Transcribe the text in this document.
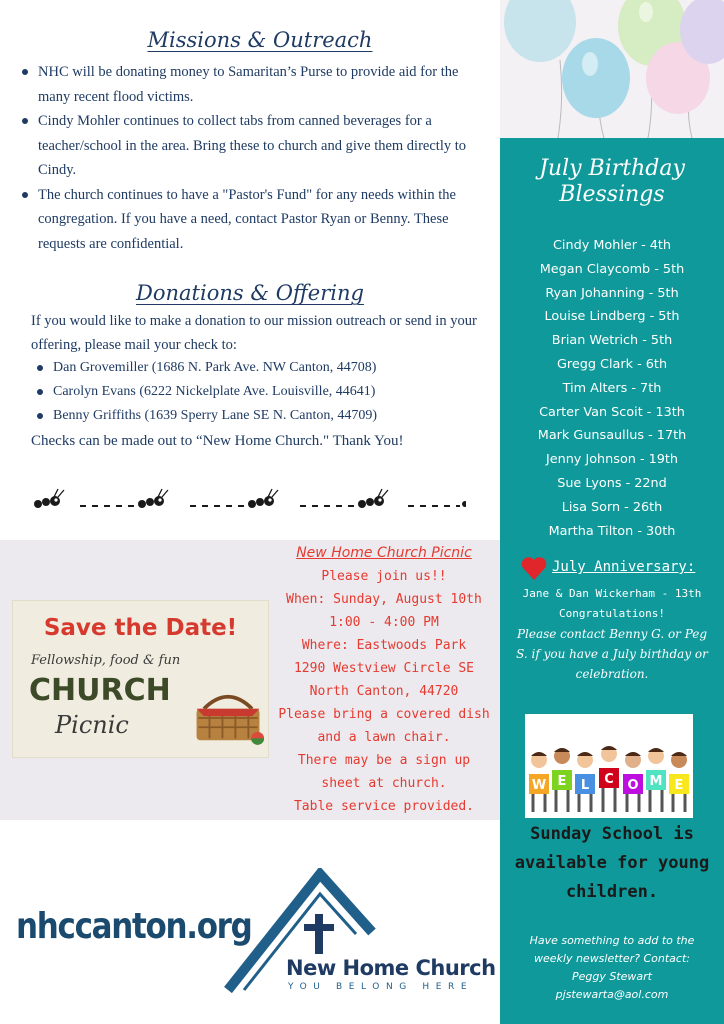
Missions & Outreach
NHC will be donating money to Samaritan’s Purse to provide aid for the many recent flood victims.
Cindy Mohler continues to collect tabs from canned beverages for a teacher/school in the area. Bring these to church and give them directly to Cindy.
The church continues to have a "Pastor's Fund" for any needs within the congregation. If you have a need, contact Pastor Ryan or Benny. These requests are confidential.
Donations & Offering
If you would like to make a donation to our mission outreach or send in your offering, please mail your check to:
Dan Grovemiller (1686 N. Park Ave. NW Canton, 44708)
Carolyn Evans (6222 Nickelplate Ave. Louisville, 44641)
Benny Griffiths (1639 Sperry Lane SE N. Canton, 44709)
Checks can be made out to “New Home Church." Thank You!
Save the Date!
Fellowship, food & fun
CHURCH
Picnic
New Home Church Picnic
Please join us!!
When: Sunday, August 10th
1:00 - 4:00 PM
Where: Eastwoods Park
1290 Westview Circle SE
North Canton, 44720
Please bring a covered dish
and a lawn chair.
There may be a sign up
sheet at church.
Table service provided.
nhccanton.org
New Home Church
YOU BELONG HERE
July Birthday
Blessings
Cindy Mohler - 4th
Megan Claycomb - 5th
Ryan Johanning - 5th
Louise Lindberg - 5th
Brian Wetrich - 5th
Gregg Clark - 6th
Tim Alters - 7th
Carter Van Scoit - 13th
Mark Gunsaullus - 17th
Jenny Johnson - 19th
Sue Lyons - 22nd
Lisa Sorn - 26th
Martha Tilton - 30th
July Anniversary:
Jane & Dan Wickerham - 13th
Congratulations!
Please contact Benny G. or Peg S. if you have a July birthday or celebration.
W E L C O M E
Sunday School is available for young children.
Have something to add to the
weekly newsletter? Contact:
Peggy Stewart
pjstewarta@aol.com
